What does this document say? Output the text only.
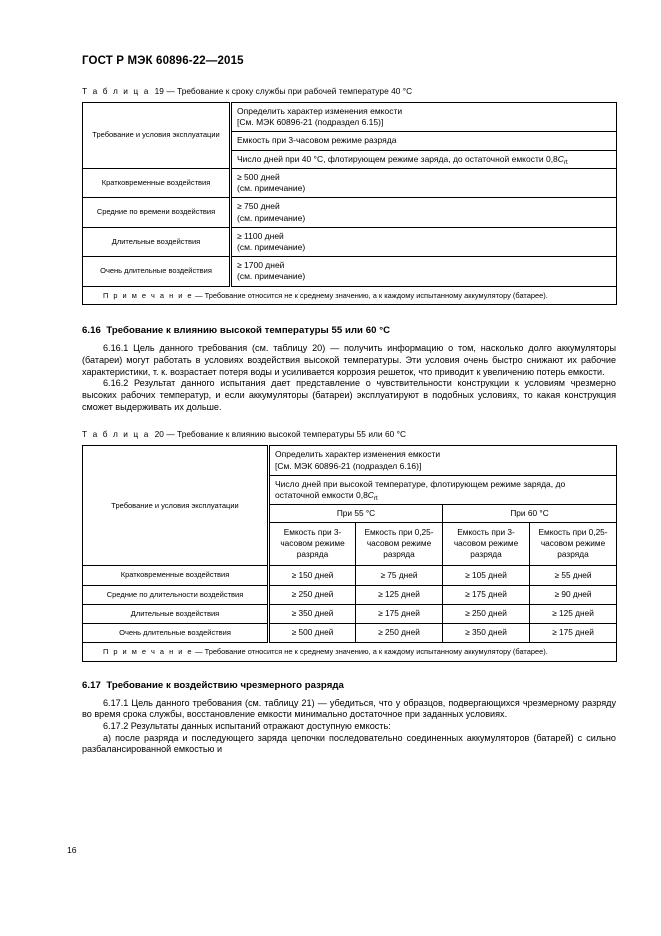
ГОСТ Р МЭК 60896-22—2015
Т а б л и ц а 19 — Требование к сроку службы при рабочей температуре 40 °С
Требование и условия эксплуатации	Определить характер изменения емкости
[См. МЭК 60896-21 (подраздел 6.15)]

	Емкость при 3-часовом режиме разряда
	Число дней при 40 °С, флотирующем режиме заряда, до остаточной емкости $0,8C_{rt}$
Кратковременные воздействия	≥ 500 дней
(см. примечание)

Средние по времени воздействия	≥ 750 дней
(см. примечание)

Длительные воздействия	≥ 1100 дней
(см. примечание)

Очень длительные воздействия	≥ 1700 дней
(см. примечание)

П р и м е ч а н и е — Требование относится не к среднему значению, а к каждому испытанному аккумулятору (батарее).	
6.16 Требование к влиянию высокой температуры 55 или 60 °С

6.16.1 Цель данного требования (см. таблицу 20) — получить информацию о том, насколько долго аккумуляторы (батареи) могут работать в условиях воздействия высокой температуры. Эти условия очень быстро снижают их рабочие характеристики, т. к. возрастает потеря воды и усиливается коррозия решеток, что приводит к увеличению потерь емкости.

6.16.2 Результат данного испытания дает представление о чувствительности конструкции к условиям чрезмерно высоких рабочих температур, и если аккумуляторы (батареи) эксплуатируют в подобных условиях, то какая конструкция сможет выдерживать их дольше.

Т а б л и ц а 20 — Требование к влиянию высокой температуры 55 или 60 °С
Требование и условия эксплуатации	Определить характер изменения емкости
[См. МЭК 60896-21 (подраздел 6.16)]			

	Число дней при высокой температуре, флотирующем режиме заряда, до остаточной емкости $0,8C_{rt}$
	При 55 °С		При 60 °С	
	Емкость при 3-часовом режиме разряда	Емкость при 0,25-часовом режиме разряда	Емкость при 3-часовом режиме разряда	Емкость при 0,25-часовом режиме разряда
Кратковременные воздействия	≥ 150 дней	≥ 75 дней	≥ 105 дней	≥ 55 дней
Средние по длительности воздействия	≥ 250 дней	≥ 125 дней	≥ 175 дней	≥ 90 дней
Длительные воздействия	≥ 350 дней	≥ 175 дней	≥ 250 дней	≥ 125 дней
Очень длительные воздействия	≥ 500 дней	≥ 250 дней	≥ 350 дней	≥ 175 дней
П р и м е ч а н и е — Требование относится не к среднему значению, а к каждому испытанному аккумулятору (батарее).				
6.17 Требование к воздействию чрезмерного разряда

6.17.1 Цель данного требования (см. таблицу 21) — убедиться, что у образцов, подвергающихся чрезмерному разряду во время срока службы, восстановление емкости минимально достаточное при заданных условиях.

6.17.2 Результаты данных испытаний отражают доступную емкость:

а) после разряда и последующего заряда цепочки последовательно соединенных аккумуляторов (батарей) с сильно разбалансированной емкостью и

16
